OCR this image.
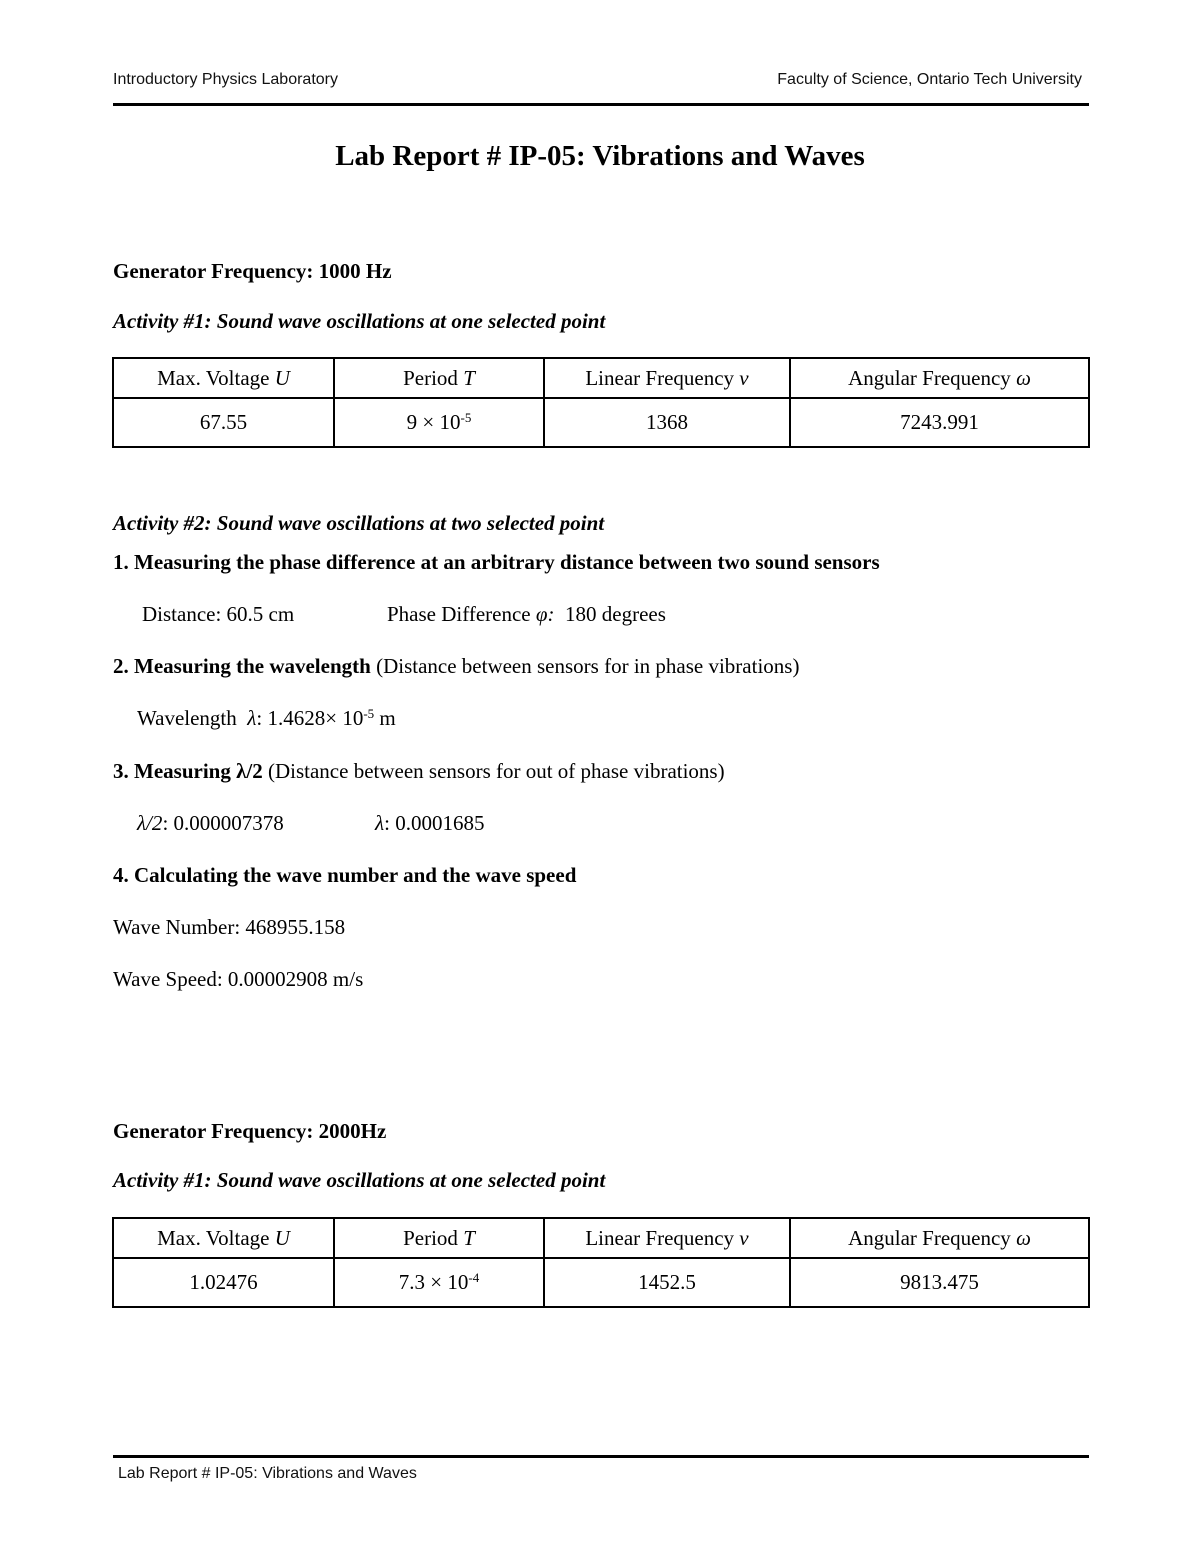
Introductory Physics Laboratory	Faculty of Science, Ontario Tech University
Lab Report # IP-05: Vibrations and Waves
Generator Frequency: 1000 Hz
Activity #1: Sound wave oscillations at one selected point
Max. Voltage U	Period T	Linear Frequency ν	Angular Frequency ω
67.55	$9 \times 10^{-5}$	1368	7243.991
Activity #2: Sound wave oscillations at two selected point
1. Measuring the phase difference at an arbitrary distance between two sound sensors
Distance: 60.5 cm	Phase Difference φ:  180 degrees
2. Measuring the wavelength (Distance between sensors for in phase vibrations)
Wavelength  λ: $1.4628\times 10^{-5}$ m
3. Measuring λ/2 (Distance between sensors for out of phase vibrations)
λ/2: 0.000007378	λ: 0.0001685
4. Calculating the wave number and the wave speed
Wave Number: 468955.158
Wave Speed: 0.00002908 m/s
Generator Frequency: 2000Hz
Activity #1: Sound wave oscillations at one selected point
Max. Voltage U	Period T	Linear Frequency ν	Angular Frequency ω
1.02476	$7.3 \times 10^{-4}$	1452.5	9813.475
Lab Report # IP-05: Vibrations and Waves
